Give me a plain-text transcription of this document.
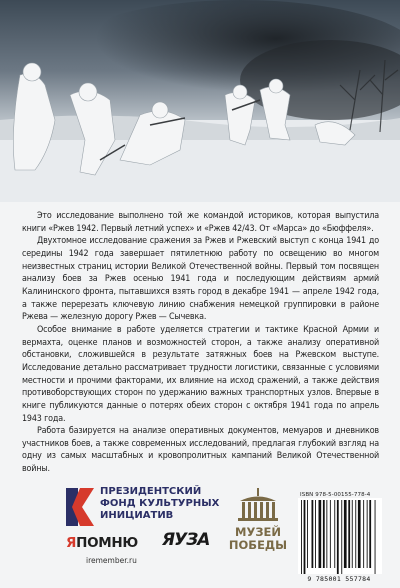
Это исследование выполнено той же командой историков, которая выпустила книги «Ржев 1942. Первый летний успех» и «Ржев 42/43. От «Марса» до «Бюффеля».

Двухтомное исследование сражения за Ржев и Ржевский выступ с конца 1941 до середины 1942 года завершает пятилетнюю работу по освещению во многом неизвестных страниц истории Великой Отечественной войны. Первый том посвящен анализу боев за Ржев осенью 1941 года и последующим действиям армий Калининского фронта, пытавшихся взять город в декабре 1941 — апреле 1942 года, а также перерезать ключевую линию снабжения немецкой группировки в районе Ржева — железную дорогу Ржев — Сычевка.

Особое внимание в работе уделяется стратегии и тактике Красной Армии и вермахта, оценке планов и возможностей сторон, а также анализу оперативной обстановки, сложившейся в результате затяжных боев на Ржевском выступе. Исследование детально рассматривает трудности логистики, связанные с условиями местности и прочими факторами, их влияние на исход сражений, а также действия противоборствующих сторон по удержанию важных транспортных узлов. Впервые в книге публикуются данные о потерях обеих сторон с октября 1941 года по апрель 1943 года.

Работа базируется на анализе оперативных документов, мемуаров и дневников участников боев, а также современных исследований, предлагая глубокий взгляд на одну из самых масштабных и кровопролитных кампаний Великой Отечественной войны.

ПРЕЗИДЕНТСКИЙ
ФОНД КУЛЬТУРНЫХ
ИНИЦИАТИВ
ЯПОМНЮ
iremember.ru
ЯУЗА	МУЗЕЙ
ПОБЕДЫ
ISBN 978-5-00155-778-4
9 785001 557784
